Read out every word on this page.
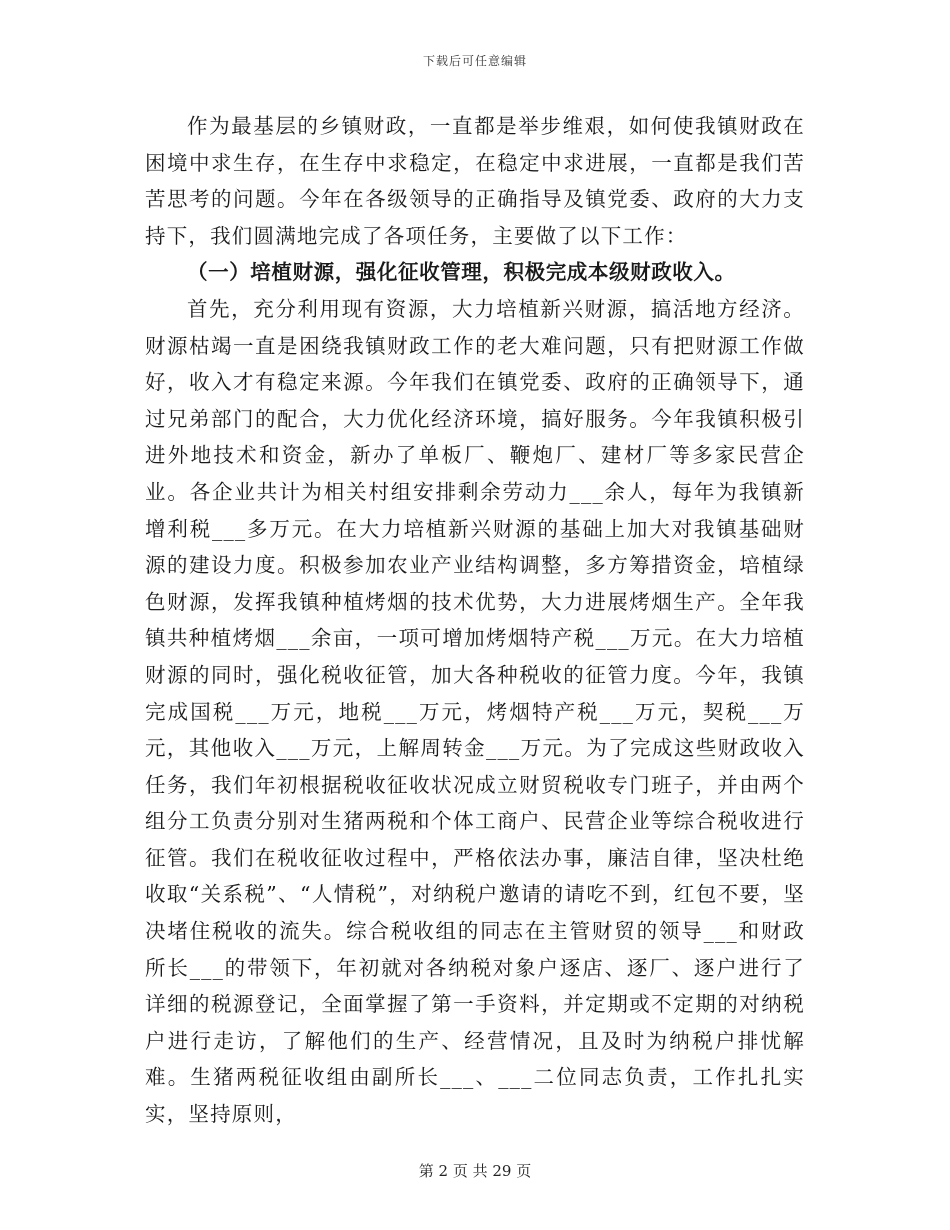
下载后可任意编辑

作为最基层的乡镇财政，一直都是举步维艰，如何使我镇财政在困境中求生存，在生存中求稳定，在稳定中求进展，一直都是我们苦苦思考的问题。今年在各级领导的正确指导及镇党委、政府的大力支持下，我们圆满地完成了各项任务，主要做了以下工作：

（一）培植财源，强化征收管理，积极完成本级财政收入。

首先，充分利用现有资源，大力培植新兴财源，搞活地方经济。财源枯竭一直是困绕我镇财政工作的老大难问题，只有把财源工作做好，收入才有稳定来源。今年我们在镇党委、政府的正确领导下，通过兄弟部门的配合，大力优化经济环境，搞好服务。今年我镇积极引进外地技术和资金，新办了单板厂、鞭炮厂、建材厂等多家民营企业。各企业共计为相关村组安排剩余劳动力___余人，每年为我镇新增利税___多万元。在大力培植新兴财源的基础上加大对我镇基础财源的建设力度。积极参加农业产业结构调整，多方筹措资金，培植绿色财源，发挥我镇种植烤烟的技术优势，大力进展烤烟生产。全年我镇共种植烤烟___余亩，一项可增加烤烟特产税___万元。在大力培植财源的同时，强化税收征管，加大各种税收的征管力度。今年，我镇完成国税___万元，地税___万元，烤烟特产税___万元，契税___万元，其他收入___万元，上解周转金___万元。为了完成这些财政收入任务，我们年初根据税收征收状况成立财贸税收专门班子，并由两个组分工负责分别对生猪两税和个体工商户、民营企业等综合税收进行征管。我们在税收征收过程中，严格依法办事，廉洁自律，坚决杜绝收取“关系税”、“人情税”，对纳税户邀请的请吃不到，红包不要，坚决堵住税收的流失。综合税收组的同志在主管财贸的领导___和财政所长___的带领下，年初就对各纳税对象户逐店、逐厂、逐户进行了详细的税源登记，全面掌握了第一手资料，并定期或不定期的对纳税户进行走访，了解他们的生产、经营情况，且及时为纳税户排忧解难。生猪两税征收组由副所长___、___二位同志负责，工作扎扎实实，坚持原则，

第 2 页 共 29 页
